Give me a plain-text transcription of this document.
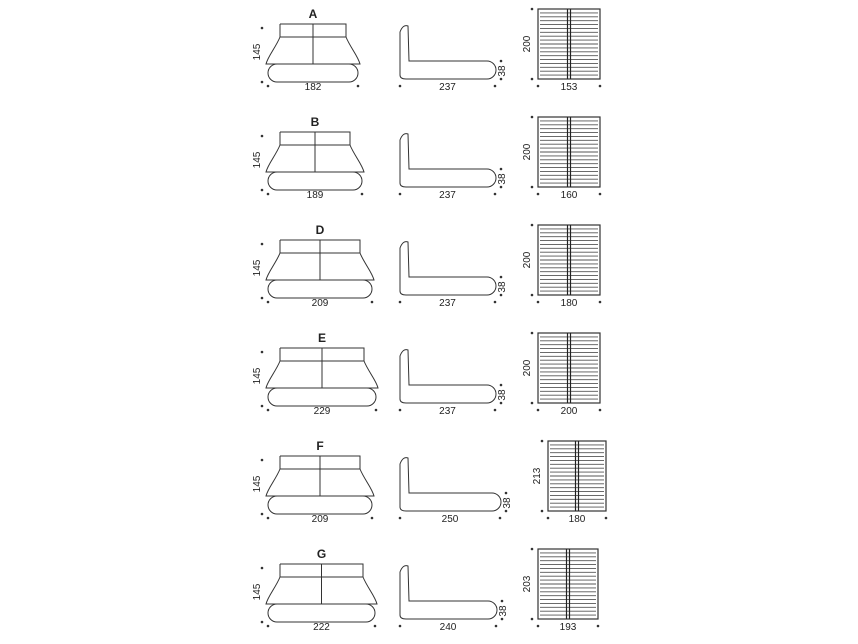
A
145
182	237
38
200
153
B
145
189	237
38
200
160
D
145
209	237
38
200
180
E
145
229	237
38
200
200
F
145
209	250
38
213
180
G
145
222	240
38
203
193
